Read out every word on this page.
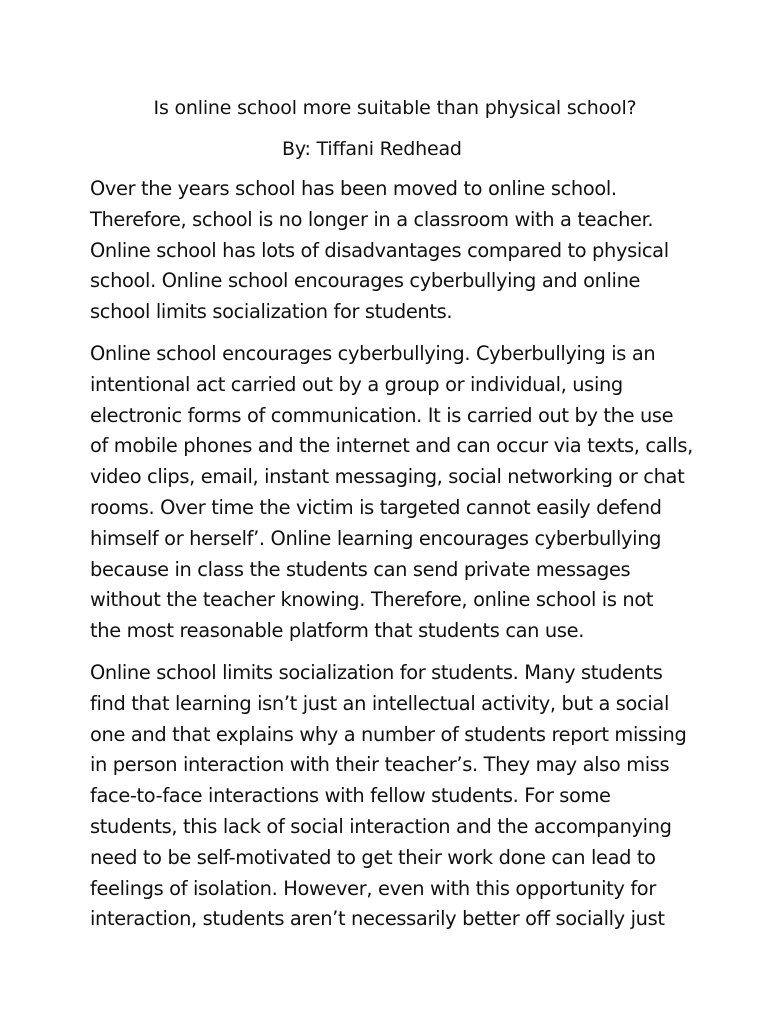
Is online school more suitable than physical school?

By: Tiffani Redhead

Over the years school has been moved to online school.
Therefore, school is no longer in a classroom with a teacher.
Online school has lots of disadvantages compared to physical
school. Online school encourages cyberbullying and online
school limits socialization for students.

Online school encourages cyberbullying. Cyberbullying is an
intentional act carried out by a group or individual, using
electronic forms of communication. It is carried out by the use
of mobile phones and the internet and can occur via texts, calls,
video clips, email, instant messaging, social networking or chat
rooms. Over time the victim is targeted cannot easily defend
himself or herself’. Online learning encourages cyberbullying
because in class the students can send private messages
without the teacher knowing. Therefore, online school is not
the most reasonable platform that students can use.

Online school limits socialization for students. Many students
find that learning isn’t just an intellectual activity, but a social
one and that explains why a number of students report missing
in person interaction with their teacher’s. They may also miss
face-to-face interactions with fellow students. For some
students, this lack of social interaction and the accompanying
need to be self-motivated to get their work done can lead to
feelings of isolation. However, even with this opportunity for
interaction, students aren’t necessarily better off socially just
